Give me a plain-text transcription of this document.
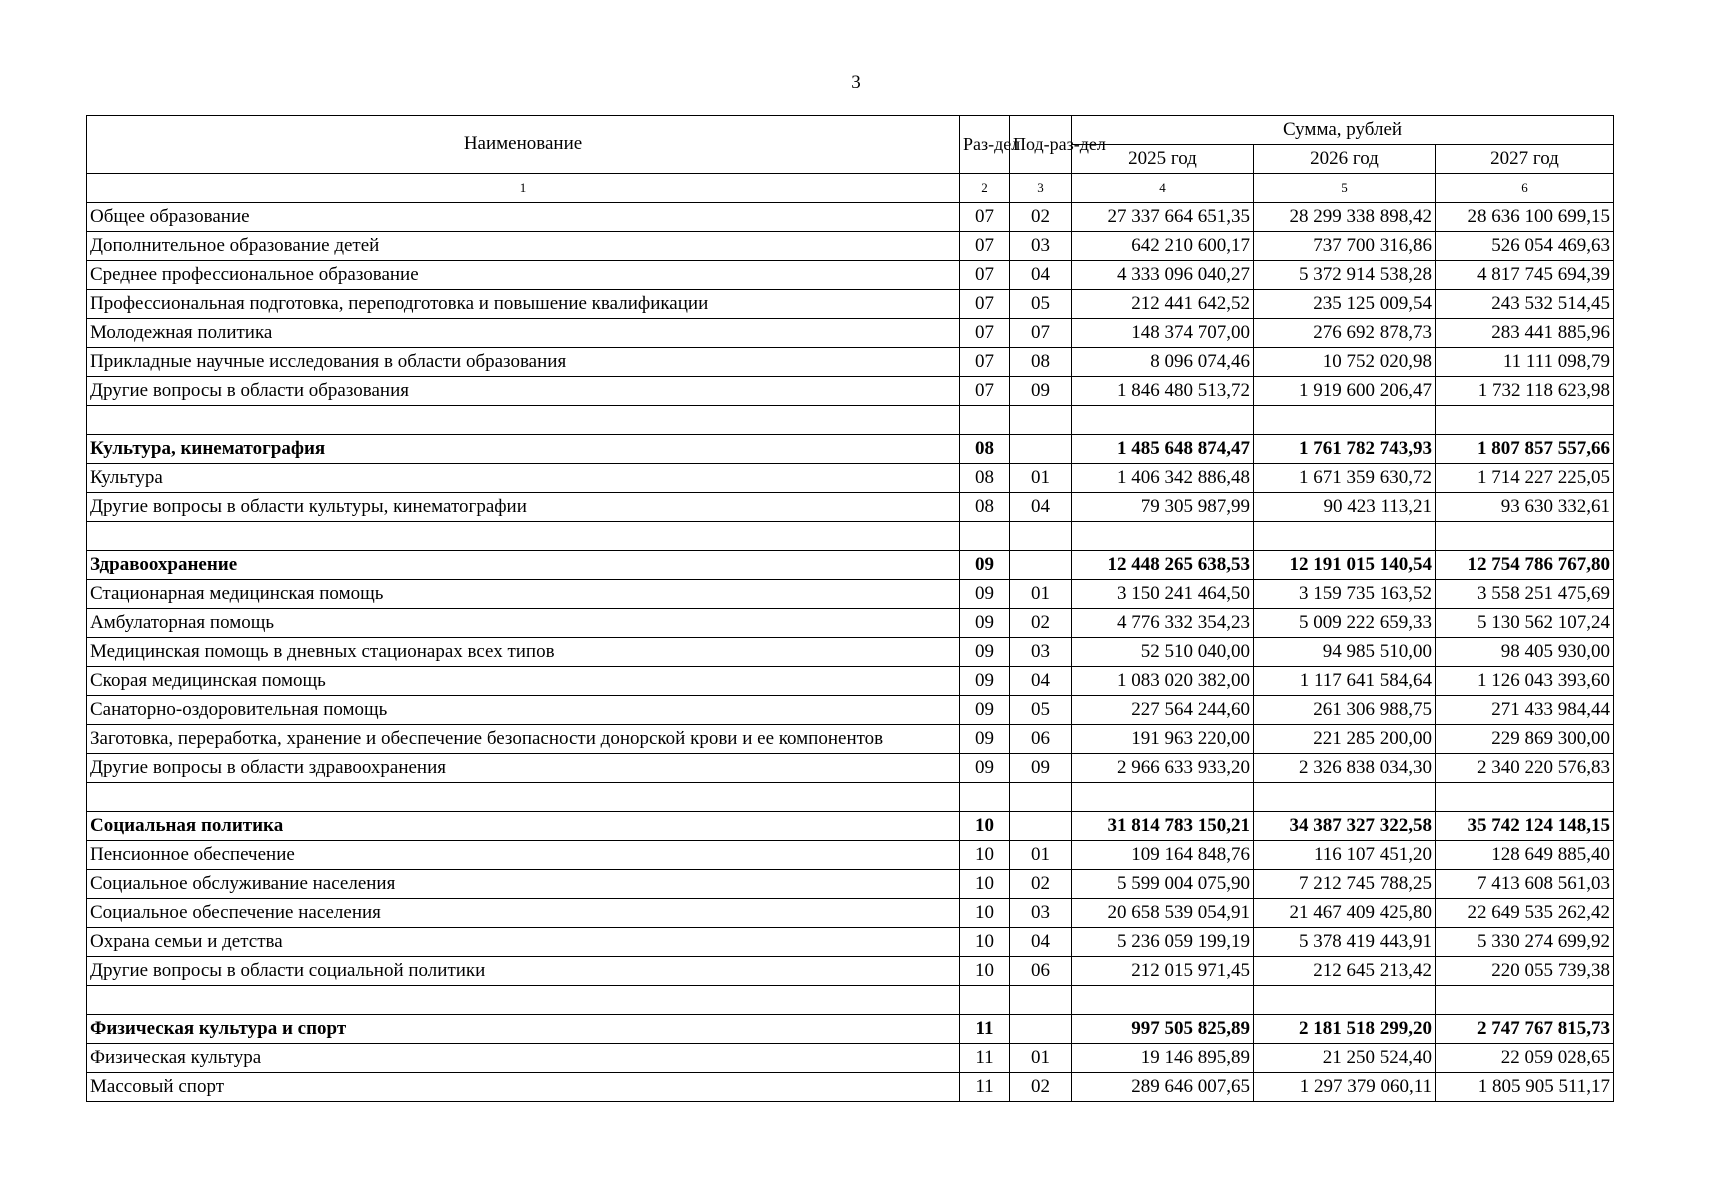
3
Наименование	Раз-дел	Под-раз-дел	Сумма, рублей		
			2025 год	2026 год	2027 год
1	2	3	4	5	6
Общее образование	07	02	27 337 664 651,35	28 299 338 898,42	28 636 100 699,15
Дополнительное образование детей	07	03	642 210 600,17	737 700 316,86	526 054 469,63
Среднее профессиональное образование	07	04	4 333 096 040,27	5 372 914 538,28	4 817 745 694,39
Профессиональная подготовка, переподготовка и повышение квалификации	07	05	212 441 642,52	235 125 009,54	243 532 514,45
Молодежная политика	07	07	148 374 707,00	276 692 878,73	283 441 885,96
Прикладные научные исследования в области образования	07	08	8 096 074,46	10 752 020,98	11 111 098,79
Другие вопросы в области образования	07	09	1 846 480 513,72	1 919 600 206,47	1 732 118 623,98

Культура, кинематография	08		1 485 648 874,47	1 761 782 743,93	1 807 857 557,66
Культура	08	01	1 406 342 886,48	1 671 359 630,72	1 714 227 225,05
Другие вопросы в области культуры, кинематографии	08	04	79 305 987,99	90 423 113,21	93 630 332,61

Здравоохранение	09		12 448 265 638,53	12 191 015 140,54	12 754 786 767,80
Стационарная медицинская помощь	09	01	3 150 241 464,50	3 159 735 163,52	3 558 251 475,69
Амбулаторная помощь	09	02	4 776 332 354,23	5 009 222 659,33	5 130 562 107,24
Медицинская помощь в дневных стационарах всех типов	09	03	52 510 040,00	94 985 510,00	98 405 930,00
Скорая медицинская помощь	09	04	1 083 020 382,00	1 117 641 584,64	1 126 043 393,60
Санаторно-оздоровительная помощь	09	05	227 564 244,60	261 306 988,75	271 433 984,44
Заготовка, переработка, хранение и обеспечение безопасности донорской крови и ее компонентов	09	06	191 963 220,00	221 285 200,00	229 869 300,00
Другие вопросы в области здравоохранения	09	09	2 966 633 933,20	2 326 838 034,30	2 340 220 576,83

Социальная политика	10		31 814 783 150,21	34 387 327 322,58	35 742 124 148,15
Пенсионное обеспечение	10	01	109 164 848,76	116 107 451,20	128 649 885,40
Социальное обслуживание населения	10	02	5 599 004 075,90	7 212 745 788,25	7 413 608 561,03
Социальное обеспечение населения	10	03	20 658 539 054,91	21 467 409 425,80	22 649 535 262,42
Охрана семьи и детства	10	04	5 236 059 199,19	5 378 419 443,91	5 330 274 699,92
Другие вопросы в области социальной политики	10	06	212 015 971,45	212 645 213,42	220 055 739,38

Физическая культура и спорт	11		997 505 825,89	2 181 518 299,20	2 747 767 815,73
Физическая культура	11	01	19 146 895,89	21 250 524,40	22 059 028,65
Массовый спорт	11	02	289 646 007,65	1 297 379 060,11	1 805 905 511,17
